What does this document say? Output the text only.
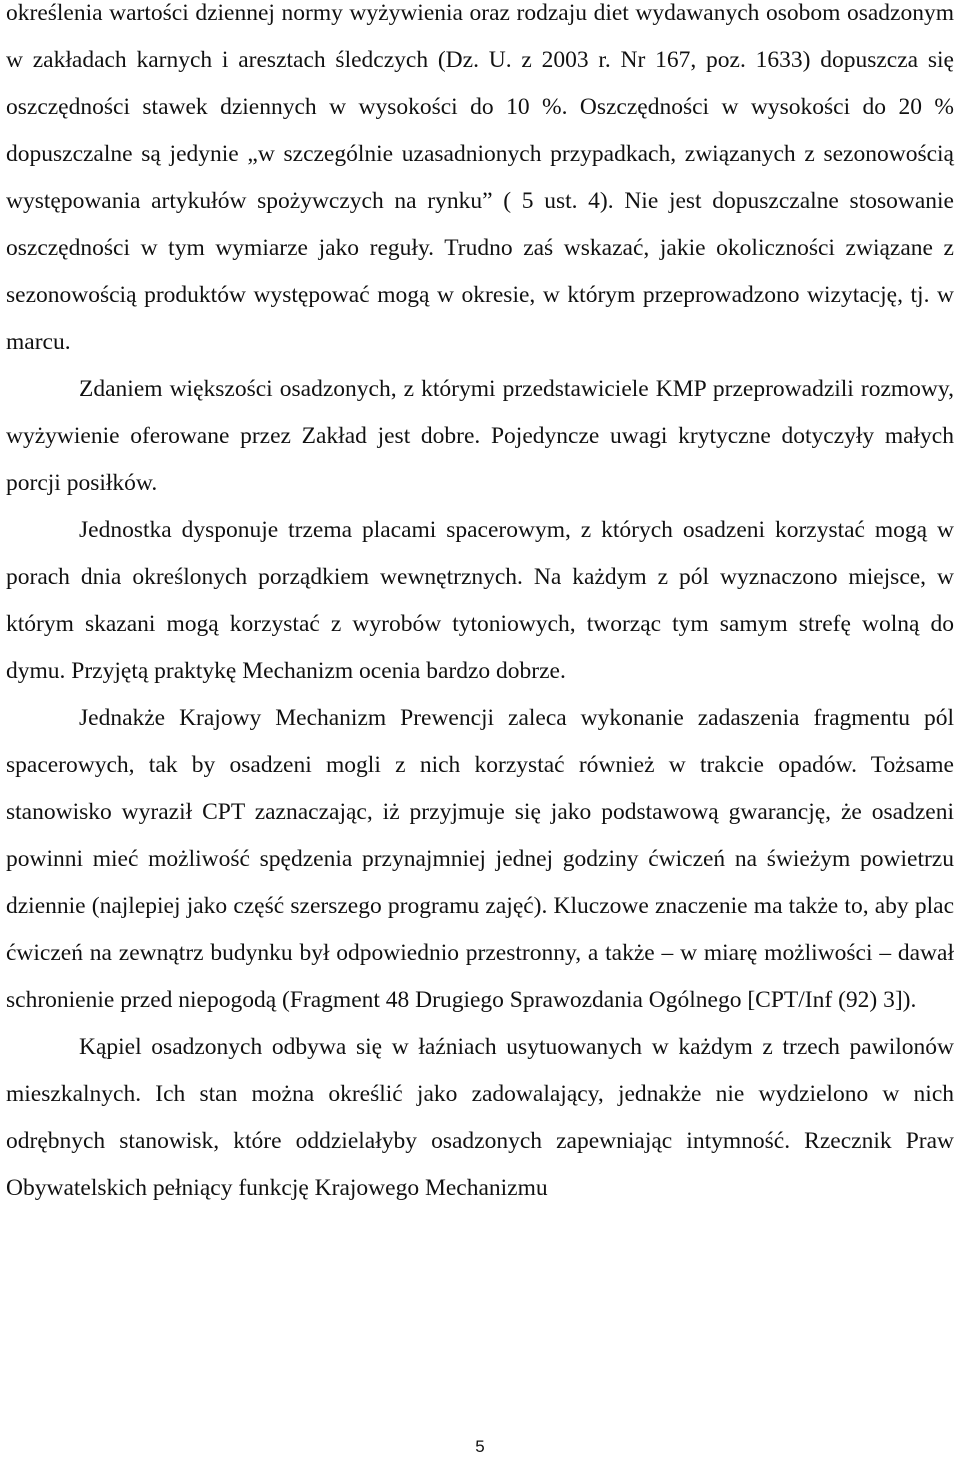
określenia wartości dziennej normy wyżywienia oraz rodzaju diet wydawanych osobom osadzonym w zakładach karnych i aresztach śledczych (Dz. U. z 2003 r. Nr 167, poz. 1633) dopuszcza się oszczędności stawek dziennych w wysokości do 10 %. Oszczędności w wysokości do 20 % dopuszczalne są jedynie „w szczególnie uzasadnionych przypadkach, związanych z sezonowością występowania artykułów spożywczych na rynku” ( 5 ust. 4). Nie jest dopuszczalne stosowanie oszczędności w tym wymiarze jako reguły. Trudno zaś wskazać, jakie okoliczności związane z sezonowością produktów występować mogą w okresie, w którym przeprowadzono wizytację, tj. w marcu.

Zdaniem większości osadzonych, z którymi przedstawiciele KMP przeprowadzili rozmowy, wyżywienie oferowane przez Zakład jest dobre. Pojedyncze uwagi krytyczne dotyczyły małych porcji posiłków.

Jednostka dysponuje trzema placami spacerowym, z których osadzeni korzystać mogą w porach dnia określonych porządkiem wewnętrznych. Na każdym z pól wyznaczono miejsce, w którym skazani mogą korzystać z wyrobów tytoniowych, tworząc tym samym strefę wolną do dymu. Przyjętą praktykę Mechanizm ocenia bardzo dobrze.

Jednakże Krajowy Mechanizm Prewencji zaleca wykonanie zadaszenia fragmentu pól spacerowych, tak by osadzeni mogli z nich korzystać również w trakcie opadów. Tożsame stanowisko wyraził CPT zaznaczając, iż przyjmuje się jako podstawową gwarancję, że osadzeni powinni mieć możliwość spędzenia przynajmniej jednej godziny ćwiczeń na świeżym powietrzu dziennie (najlepiej jako część szerszego programu zajęć). Kluczowe znaczenie ma także to, aby plac ćwiczeń na zewnątrz budynku był odpowiednio przestronny, a także – w miarę możliwości – dawał schronienie przed niepogodą (Fragment 48 Drugiego Sprawozdania Ogólnego [CPT/Inf (92) 3]).

Kąpiel osadzonych odbywa się w łaźniach usytuowanych w każdym z trzech pawilonów mieszkalnych. Ich stan można określić jako zadowalający, jednakże nie wydzielono w nich odrębnych stanowisk, które oddzielałyby osadzonych zapewniając intymność. Rzecznik Praw Obywatelskich pełniący funkcję Krajowego Mechanizmu

5
